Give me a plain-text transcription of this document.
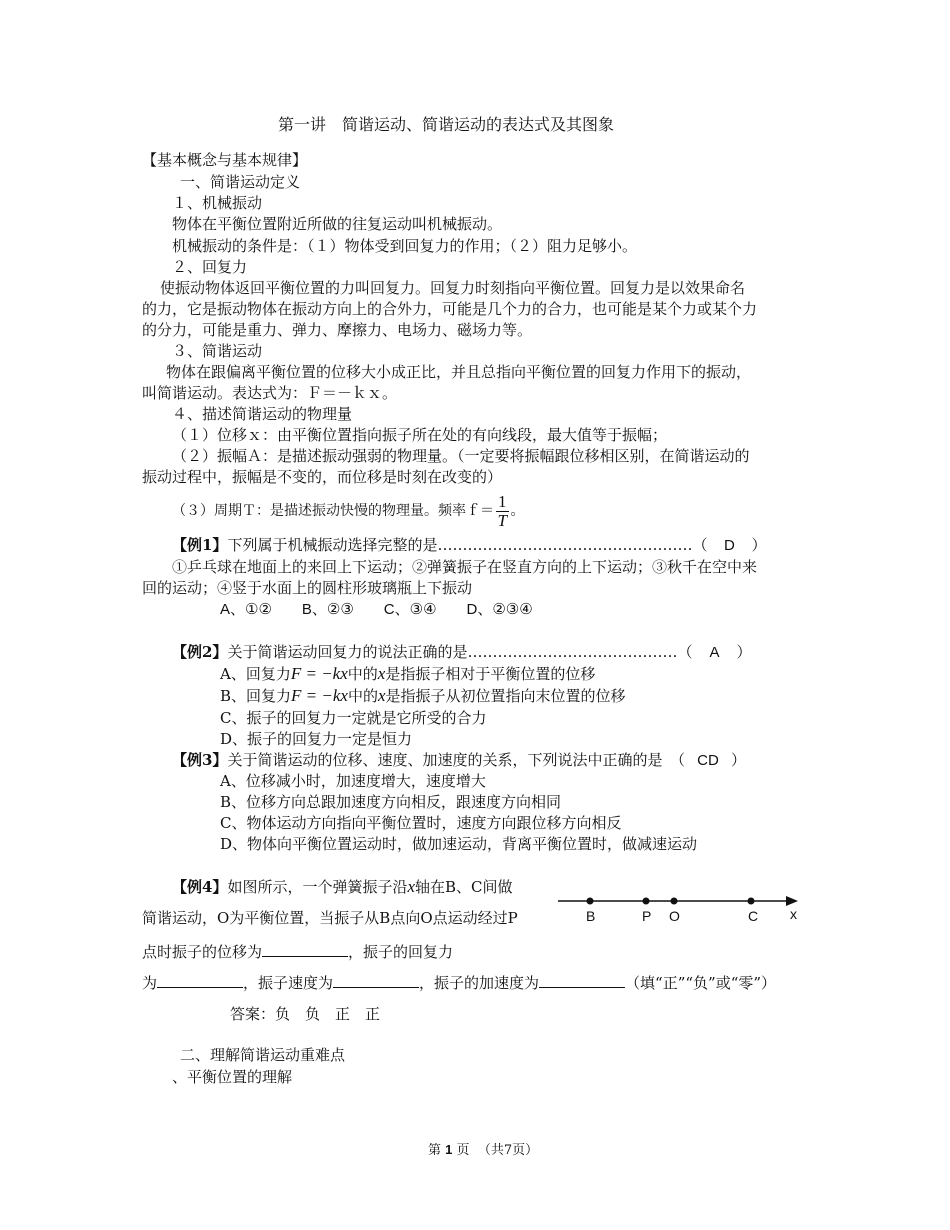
第一讲　简谐运动、简谐运动的表达式及其图象
【基本概念与基本规律】
一、简谐运动定义
１、机械振动
物体在平衡位置附近所做的往复运动叫机械振动。
机械振动的条件是：（１）物体受到回复力的作用；（２）阻力足够小。
２、回复力
使振动物体返回平衡位置的力叫回复力。回复力时刻指向平衡位置。回复力是以效果命名
的力，它是振动物体在振动方向上的合外力，可能是几个力的合力，也可能是某个力或某个力
的分力，可能是重力、弹力、摩擦力、电场力、磁场力等。
３、简谐运动
物体在跟偏离平衡位置的位移大小成正比，并且总指向平衡位置的回复力作用下的振动，
叫简谐运动。表达式为：Ｆ＝－ｋｘ。
４、描述简谐运动的物理量
（１）位移ｘ：由平衡位置指向振子所在处的有向线段，最大值等于振幅；
（２）振幅Ａ：是描述振动强弱的物理量。（一定要将振幅跟位移相区别，在简谐运动的
振动过程中，振幅是不变的，而位移是时刻在改变的）
（３）周期Ｔ：是描述振动快慢的物理量。频率ｆ＝ $\frac{1}{T}$ 。
【例1】下列属于机械振动选择完整的是……………………………………………（ D ）
①乒乓球在地面上的来回上下运动；②弹簧振子在竖直方向的上下运动；③秋千在空中来
回的运动；④竖于水面上的圆柱形玻璃瓶上下振动
A、①②　　B、②③　　C、③④　　D、②③④
【例2】关于简谐运动回复力的说法正确的是……………………………………（ A ）
A、回复力F = −kx中的x是指振子相对于平衡位置的位移
B、回复力F = −kx中的x是指振子从初位置指向末位置的位移
C、振子的回复力一定就是它所受的合力
D、振子的回复力一定是恒力
【例3】关于简谐运动的位移、速度、加速度的关系，下列说法中正确的是　（ CD ）
A、位移减小时，加速度增大，速度增大
B、位移方向总跟加速度方向相反，跟速度方向相同
C、物体运动方向指向平衡位置时，速度方向跟位移方向相反
D、物体向平衡位置运动时，做加速运动，背离平衡位置时，做减速运动
【例4】如图所示，一个弹簧振子沿x轴在B、C间做
简谐运动，O为平衡位置，当振子从B点向O点运动经过P
点时振子的位移为	，振子的回复力
为	，振子速度为	，振子的加速度为	（填“正”“负”或“零”）
答案：负　负　正　正
B	P O	C x
二、理解简谐运动重难点
、平衡位置的理解
第 1 页 （共7页）
